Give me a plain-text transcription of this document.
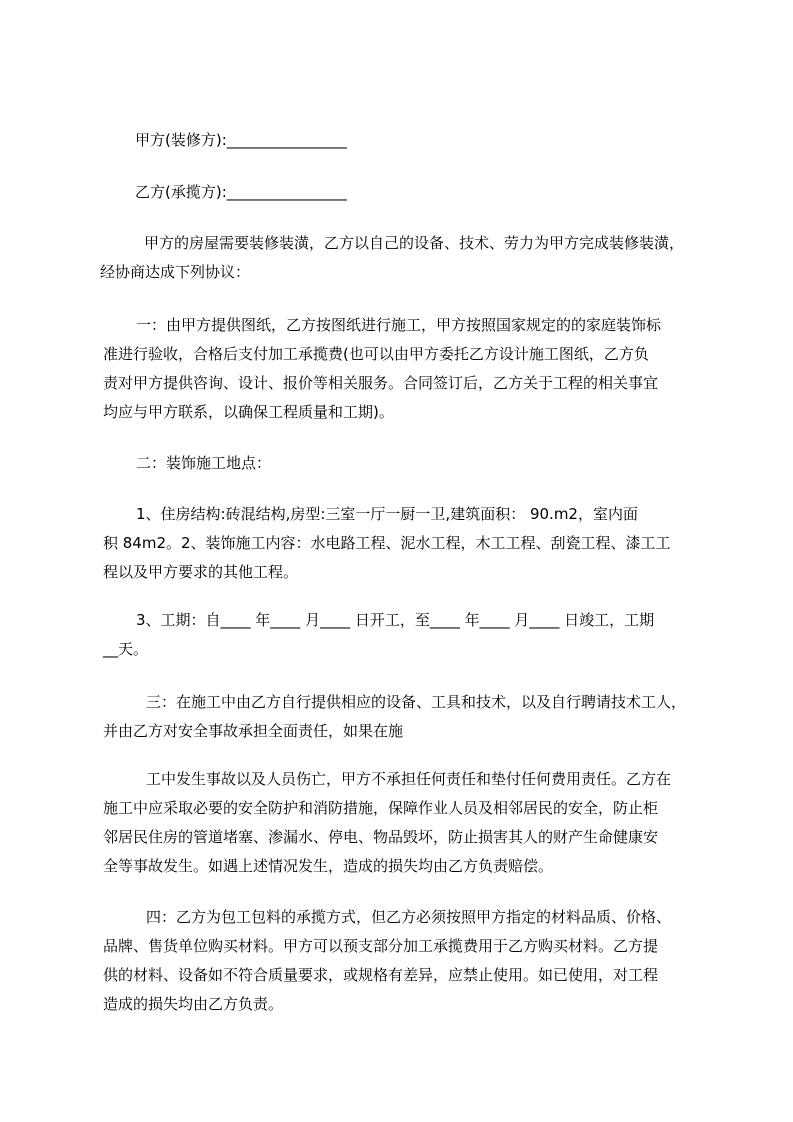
甲方(装修方):________________

乙方(承揽方):________________

甲方的房屋需要装修装潢，乙方以自己的设备、技术、劳力为甲方完成装修装潢，
经协商达成下列协议：
一：由甲方提供图纸，乙方按图纸进行施工，甲方按照国家规定的的家庭装饰标
准进行验收，合格后支付加工承揽费(也可以由甲方委托乙方设计施工图纸，乙方负
责对甲方提供咨询、设计、报价等相关服务。合同签订后，乙方关于工程的相关事宜
均应与甲方联系，以确保工程质量和工期)。

二：装饰施工地点：

1、住房结构:砖混结构,房型:三室一厅一厨一卫,建筑面积： 90.m2，室内面
积 84m2。2、装饰施工内容：水电路工程、泥水工程，木工工程、刮瓷工程、漆工工
程以及甲方要求的其他工程。
3、工期：自____ 年____ 月____ 日开工，至____ 年____ 月____ 日竣工，工期
__天。
三：在施工中由乙方自行提供相应的设备、工具和技术，以及自行聘请技术工人，
并由乙方对安全事故承担全面责任，如果在施
工中发生事故以及人员伤亡，甲方不承担任何责任和垫付任何费用责任。乙方在
施工中应采取必要的安全防护和消防措施，保障作业人员及相邻居民的安全，防止柜
邻居民住房的管道堵塞、渗漏水、停电、物品毁坏，防止损害其人的财产生命健康安
全等事故发生。如遇上述情况发生，造成的损失均由乙方负责赔偿。
四：乙方为包工包料的承揽方式，但乙方必须按照甲方指定的材料品质、价格、
品牌、售货单位购买材料。甲方可以预支部分加工承揽费用于乙方购买材料。乙方提
供的材料、设备如不符合质量要求，或规格有差异，应禁止使用。如已使用，对工程
造成的损失均由乙方负责。
